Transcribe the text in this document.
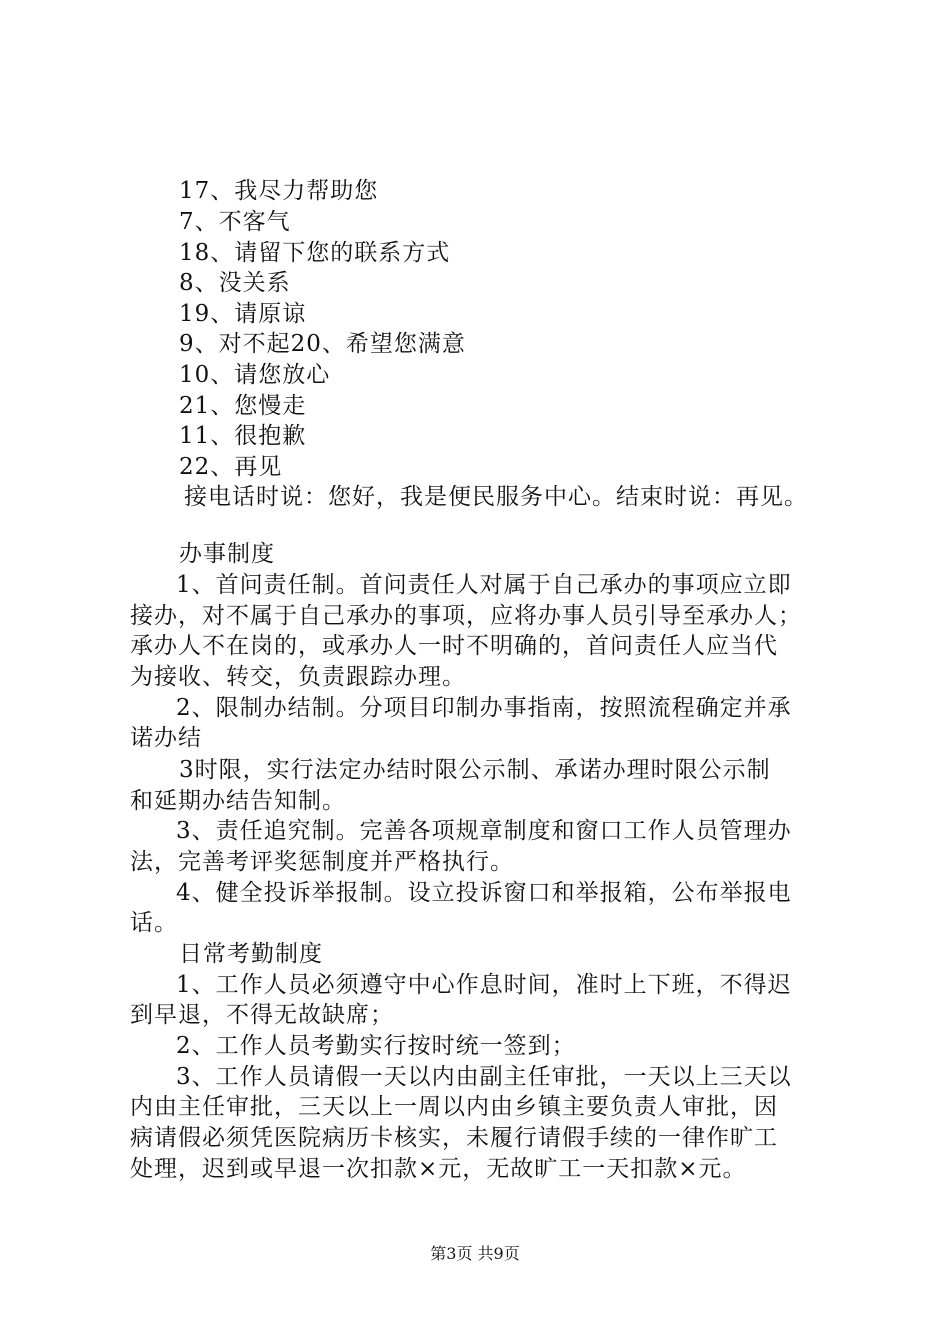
17、我尽力帮助您
7、不客气
18、请留下您的联系方式
8、没关系
19、请原谅
9、对不起20、希望您满意
10、请您放心
21、您慢走
11、很抱歉
22、再见
接电话时说：您好，我是便民服务中心。结束时说：再见。
办事制度
1、首问责任制。首问责任人对属于自己承办的事项应立即
接办，对不属于自己承办的事项，应将办事人员引导至承办人；
承办人不在岗的，或承办人一时不明确的，首问责任人应当代
为接收、转交，负责跟踪办理。
2、限制办结制。分项目印制办事指南，按照流程确定并承
诺办结
3时限，实行法定办结时限公示制、承诺办理时限公示制
和延期办结告知制。
3、责任追究制。完善各项规章制度和窗口工作人员管理办
法，完善考评奖惩制度并严格执行。
4、健全投诉举报制。设立投诉窗口和举报箱，公布举报电
话。
日常考勤制度
1、工作人员必须遵守中心作息时间，准时上下班，不得迟
到早退，不得无故缺席；
2、工作人员考勤实行按时统一签到；
3、工作人员请假一天以内由副主任审批，一天以上三天以
内由主任审批，三天以上一周以内由乡镇主要负责人审批，因
病请假必须凭医院病历卡核实，未履行请假手续的一律作旷工
处理，迟到或早退一次扣款×元，无故旷工一天扣款×元。
第3页 共9页
